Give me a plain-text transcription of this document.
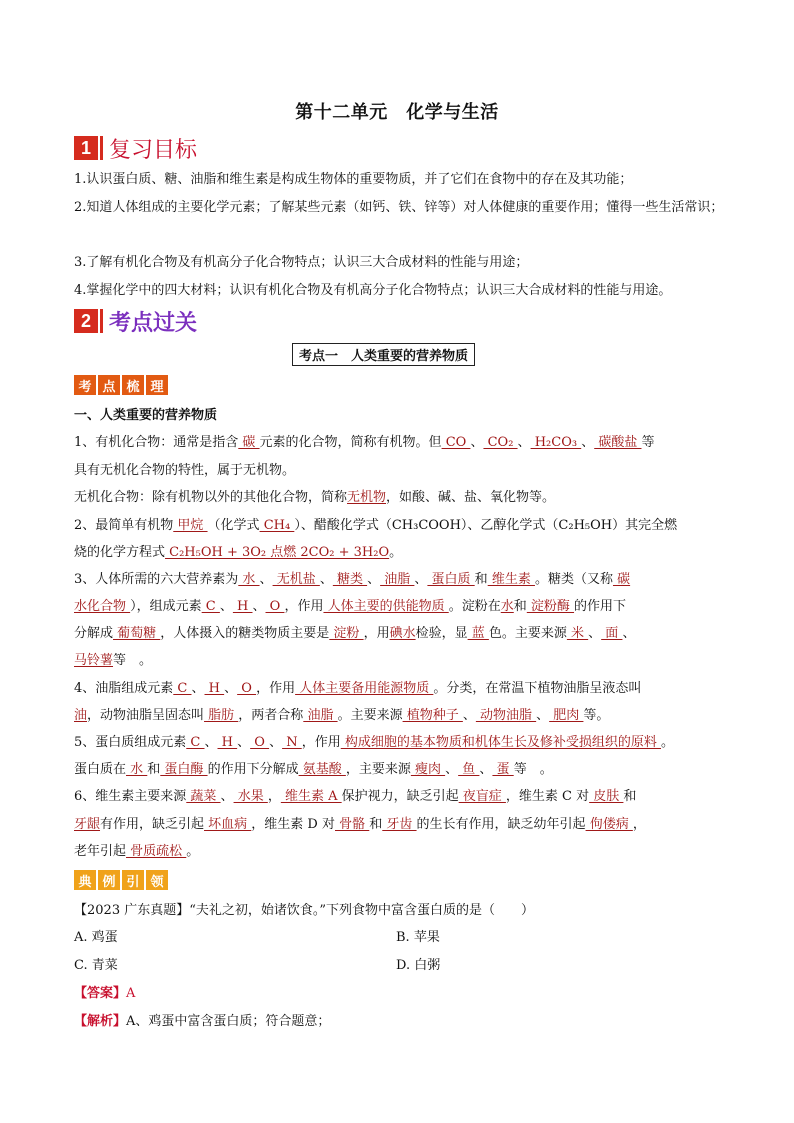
第十二单元　化学与生活
1 复习目标

1.认识蛋白质、糖、油脂和维生素是构成生物体的重要物质，并了它们在食物中的存在及其功能；

2.知道人体组成的主要化学元素；了解某些元素（如钙、铁、锌等）对人体健康的重要作用；懂得一些生活常识；

3.了解有机化合物及有机高分子化合物特点；认识三大合成材料的性能与用途；

4.掌握化学中的四大材料；认识有机化合物及有机高分子化合物特点；认识三大合成材料的性能与用途。

2 考点过关
考点一　人类重要的营养物质
考 点 梳 理

一、人类重要的营养物质

1、有机化合物：通常是指含 碳 元素的化合物，简称有机物。但 CO 、 CO₂ 、 H₂CO₃ 、 碳酸盐 等

具有无机化合物的特性，属于无机物。

无机化合物：除有机物以外的其他化合物，简称无机物，如酸、碱、盐、氧化物等。

2、最简单有机物 甲烷 （化学式 CH₄ ）、醋酸化学式（CH₃COOH）、乙醇化学式（C₂H₅OH）其完全燃

烧的化学方程式 C₂H₅OH + 3O₂ 点燃 2CO₂ + 3H₂O。

3、人体所需的六大营养素为 水 、 无机盐 、 糖类 、 油脂 、 蛋白质 和 维生素 。糖类（又称 碳

水化合物 ），组成元素 C 、 H 、 O ，作用 人体主要的供能物质 。淀粉在水和 淀粉酶 的作用下

分解成 葡萄糖 ，人体摄入的糖类物质主要是 淀粉 ，用碘水检验，显 蓝 色。主要来源 米 、 面 、

马铃薯等　。

4、油脂组成元素 C 、 H 、 O ，作用 人体主要备用能源物质 。分类，在常温下植物油脂呈液态叫

油，动物油脂呈固态叫 脂肪 ，两者合称 油脂 。主要来源 植物种子 、 动物油脂 、 肥肉 等。

5、蛋白质组成元素 C 、 H 、 O 、 N ，作用 构成细胞的基本物质和机体生长及修补受损组织的原料 。

蛋白质在 水 和 蛋白酶 的作用下分解成 氨基酸 ，主要来源 瘦肉 、 鱼 、 蛋 等　。

6、维生素主要来源 蔬菜 、 水果 ， 维生素 A 保护视力，缺乏引起 夜盲症 ，维生素 C 对 皮肤 和

牙龈有作用，缺乏引起 坏血病 ，维生素 D 对 骨骼 和 牙齿 的生长有作用，缺乏幼年引起 佝偻病 ，

老年引起 骨质疏松 。

典 例 引 领

【2023 广东真题】“夫礼之初，始诸饮食。”下列食物中富含蛋白质的是（　　）

A. 鸡蛋	B. 苹果

C. 青菜	D. 白粥

【答案】A

【解析】A、鸡蛋中富含蛋白质；符合题意；
